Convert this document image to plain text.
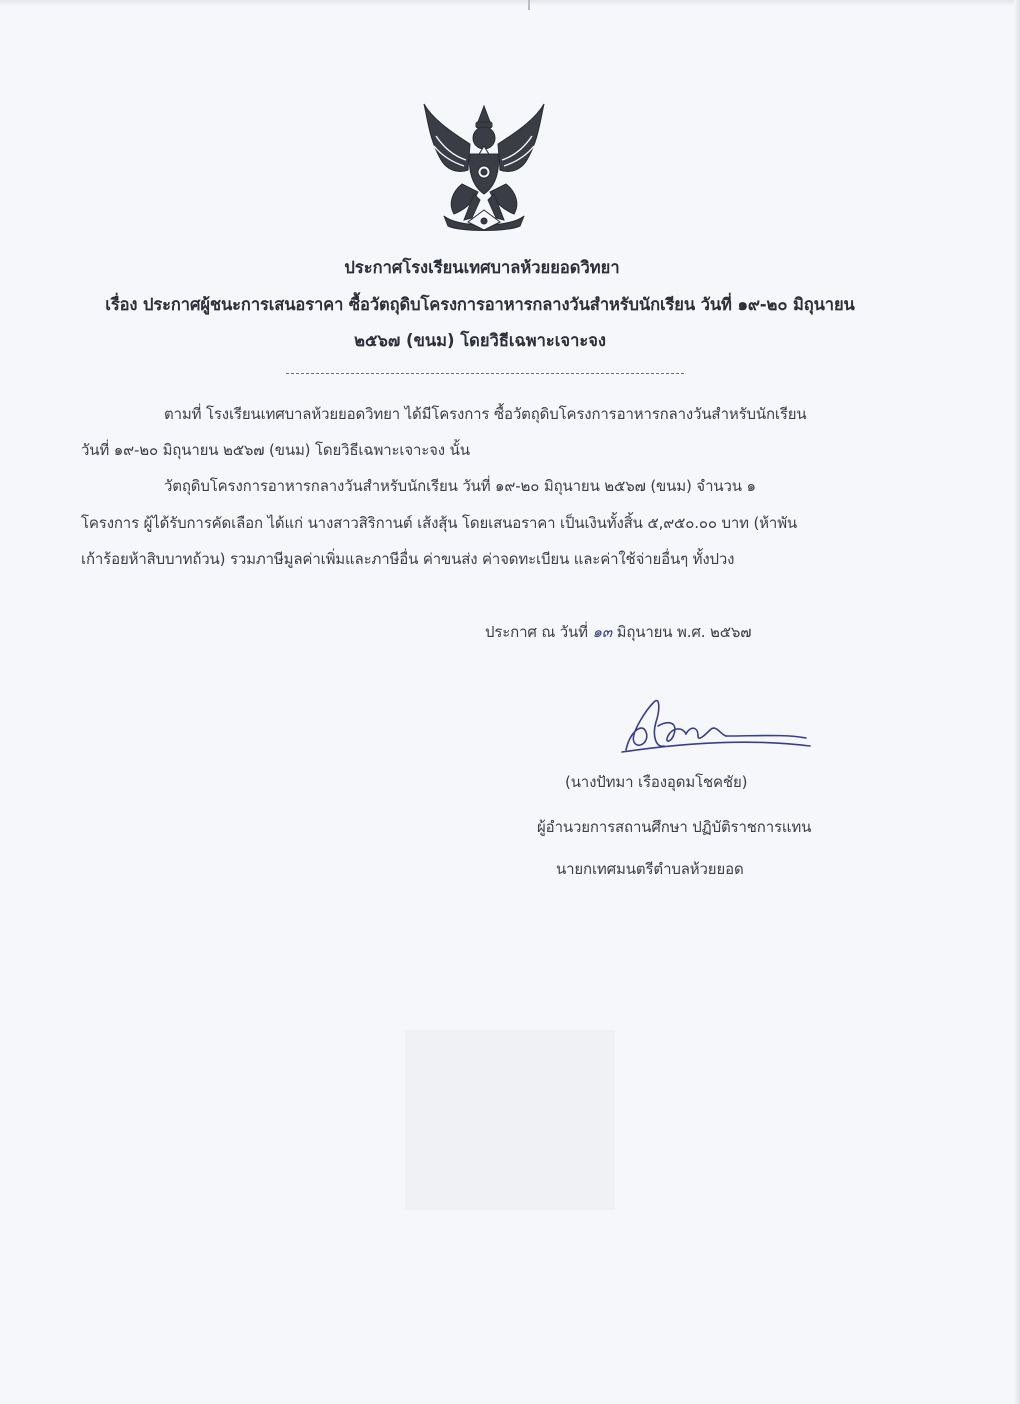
ประกาศโรงเรียนเทศบาลห้วยยอดวิทยา
เรื่อง ประกาศผู้ชนะการเสนอราคา ซื้อวัตถุดิบโครงการอาหารกลางวันสำหรับนักเรียน วันที่ ๑๙-๒๐ มิถุนายน
๒๕๖๗ (ขนม) โดยวิธีเฉพาะเจาะจง
ตามที่ โรงเรียนเทศบาลห้วยยอดวิทยา ได้มีโครงการ ซื้อวัตถุดิบโครงการอาหารกลางวันสำหรับนักเรียน
วันที่ ๑๙-๒๐ มิถุนายน ๒๕๖๗ (ขนม) โดยวิธีเฉพาะเจาะจง นั้น
วัตถุดิบโครงการอาหารกลางวันสำหรับนักเรียน วันที่ ๑๙-๒๐ มิถุนายน ๒๕๖๗ (ขนม) จำนวน ๑
โครงการ ผู้ได้รับการคัดเลือก ได้แก่ นางสาวสิริกานต์ เส้งสุ้น โดยเสนอราคา เป็นเงินทั้งสิ้น ๕,๙๕๐.๐๐ บาท (ห้าพัน
เก้าร้อยห้าสิบบาทถ้วน) รวมภาษีมูลค่าเพิ่มและภาษีอื่น ค่าขนส่ง ค่าจดทะเบียน และค่าใช้จ่ายอื่นๆ ทั้งปวง
ประกาศ ณ วันที่ ๑๓ มิถุนายน พ.ศ. ๒๕๖๗
(นางปัทมา เรืองอุดมโชคชัย)
ผู้อำนวยการสถานศึกษา ปฏิบัติราชการแทน
นายกเทศมนตรีตำบลห้วยยอด
